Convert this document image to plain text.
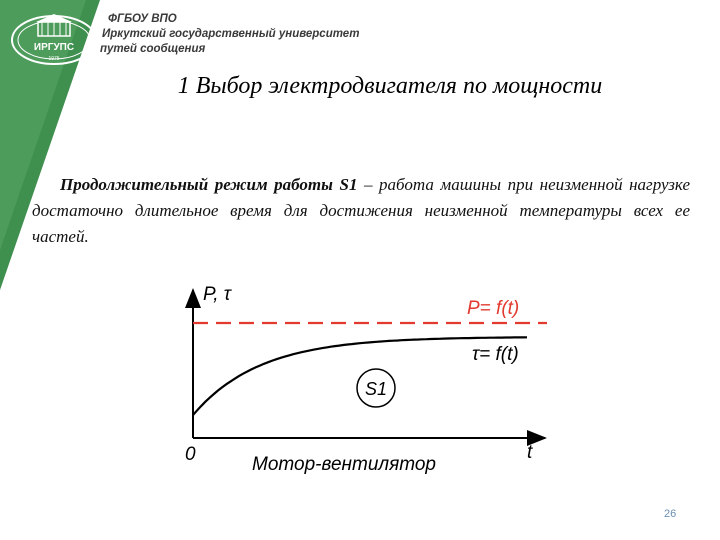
ИРГУПС
1975
ФГБОУ ВПО
Иркутский государственный университет
путей сообщения
1 Выбор электродвигателя по мощности
Продолжительный режим работы S1 – работа машины при неизменной нагрузке достаточно длительное время для достижения неизменной температуры всех ее частей.
P, τ
0	t
P= f(t)
τ= f(t)
S1
Мотор-вентилятор
26
